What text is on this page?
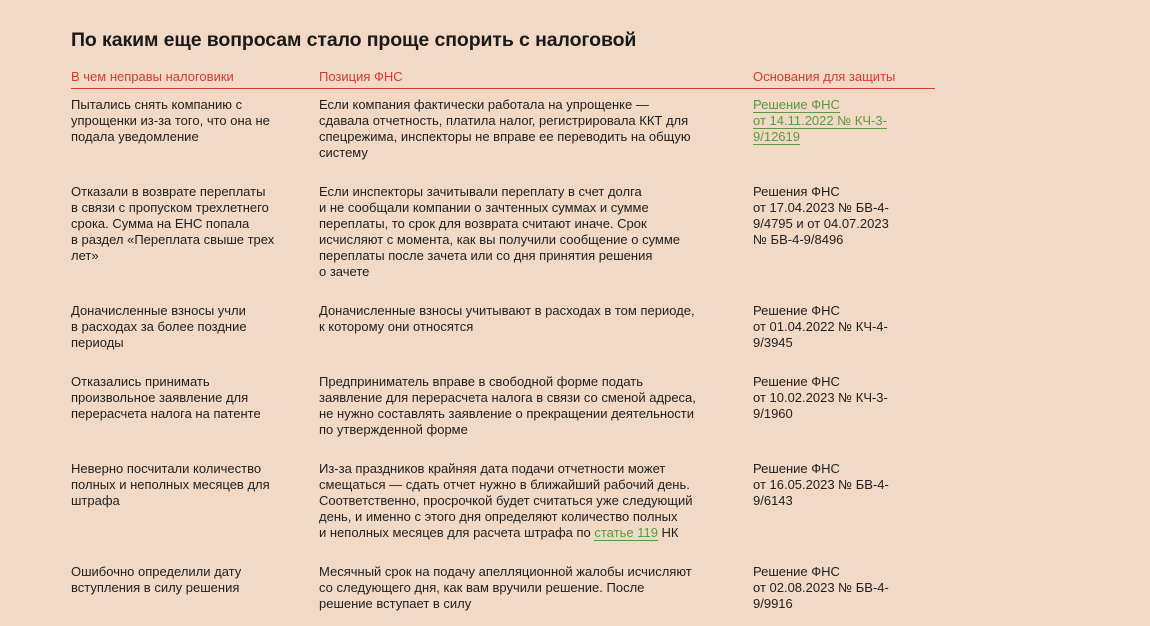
По каким еще вопросам стало проще спорить с налоговой
В чем неправы налоговики	Позиция ФНС	Основания для защиты
Пытались снять компанию с
упрощенки из-за того, что она не
подала уведомление
Если компания фактически работала на упрощенке —
сдавала отчетность, платила налог, регистрировала ККТ для
спецрежима, инспекторы не вправе ее переводить на общую
систему
Решение ФНС
от 14.11.2022 № КЧ-3-
9/12619
Отказали в возврате переплаты
в связи с пропуском трехлетнего
срока. Сумма на ЕНС попала
в раздел «Переплата свыше трех
лет»
Если инспекторы зачитывали переплату в счет долга
и не сообщали компании о зачтенных суммах и сумме
переплаты, то срок для возврата считают иначе. Срок
исчисляют с момента, как вы получили сообщение о сумме
переплаты после зачета или со дня принятия решения
о зачете
Решения ФНС
от 17.04.2023 № БВ-4-
9/4795 и от 04.07.2023
№ БВ-4-9/8496
Доначисленные взносы учли
в расходах за более поздние
периоды
Доначисленные взносы учитывают в расходах в том периоде,
к которому они относятся
Решение ФНС
от 01.04.2022 № КЧ-4-
9/3945
Отказались принимать
произвольное заявление для
перерасчета налога на патенте
Предприниматель вправе в свободной форме подать
заявление для перерасчета налога в связи со сменой адреса,
не нужно составлять заявление о прекращении деятельности
по утвержденной форме
Решение ФНС
от 10.02.2023 № КЧ-3-
9/1960
Неверно посчитали количество
полных и неполных месяцев для
штрафа
Из-за праздников крайняя дата подачи отчетности может
смещаться — сдать отчет нужно в ближайший рабочий день.
Соответственно, просрочкой будет считаться уже следующий
день, и именно с этого дня определяют количество полных
и неполных месяцев для расчета штрафа по статье 119 НК
Решение ФНС
от 16.05.2023 № БВ-4-
9/6143
Ошибочно определили дату
вступления в силу решения
Месячный срок на подачу апелляционной жалобы исчисляют
со следующего дня, как вам вручили решение. После
решение вступает в силу
Решение ФНС
от 02.08.2023 № БВ-4-
9/9916
